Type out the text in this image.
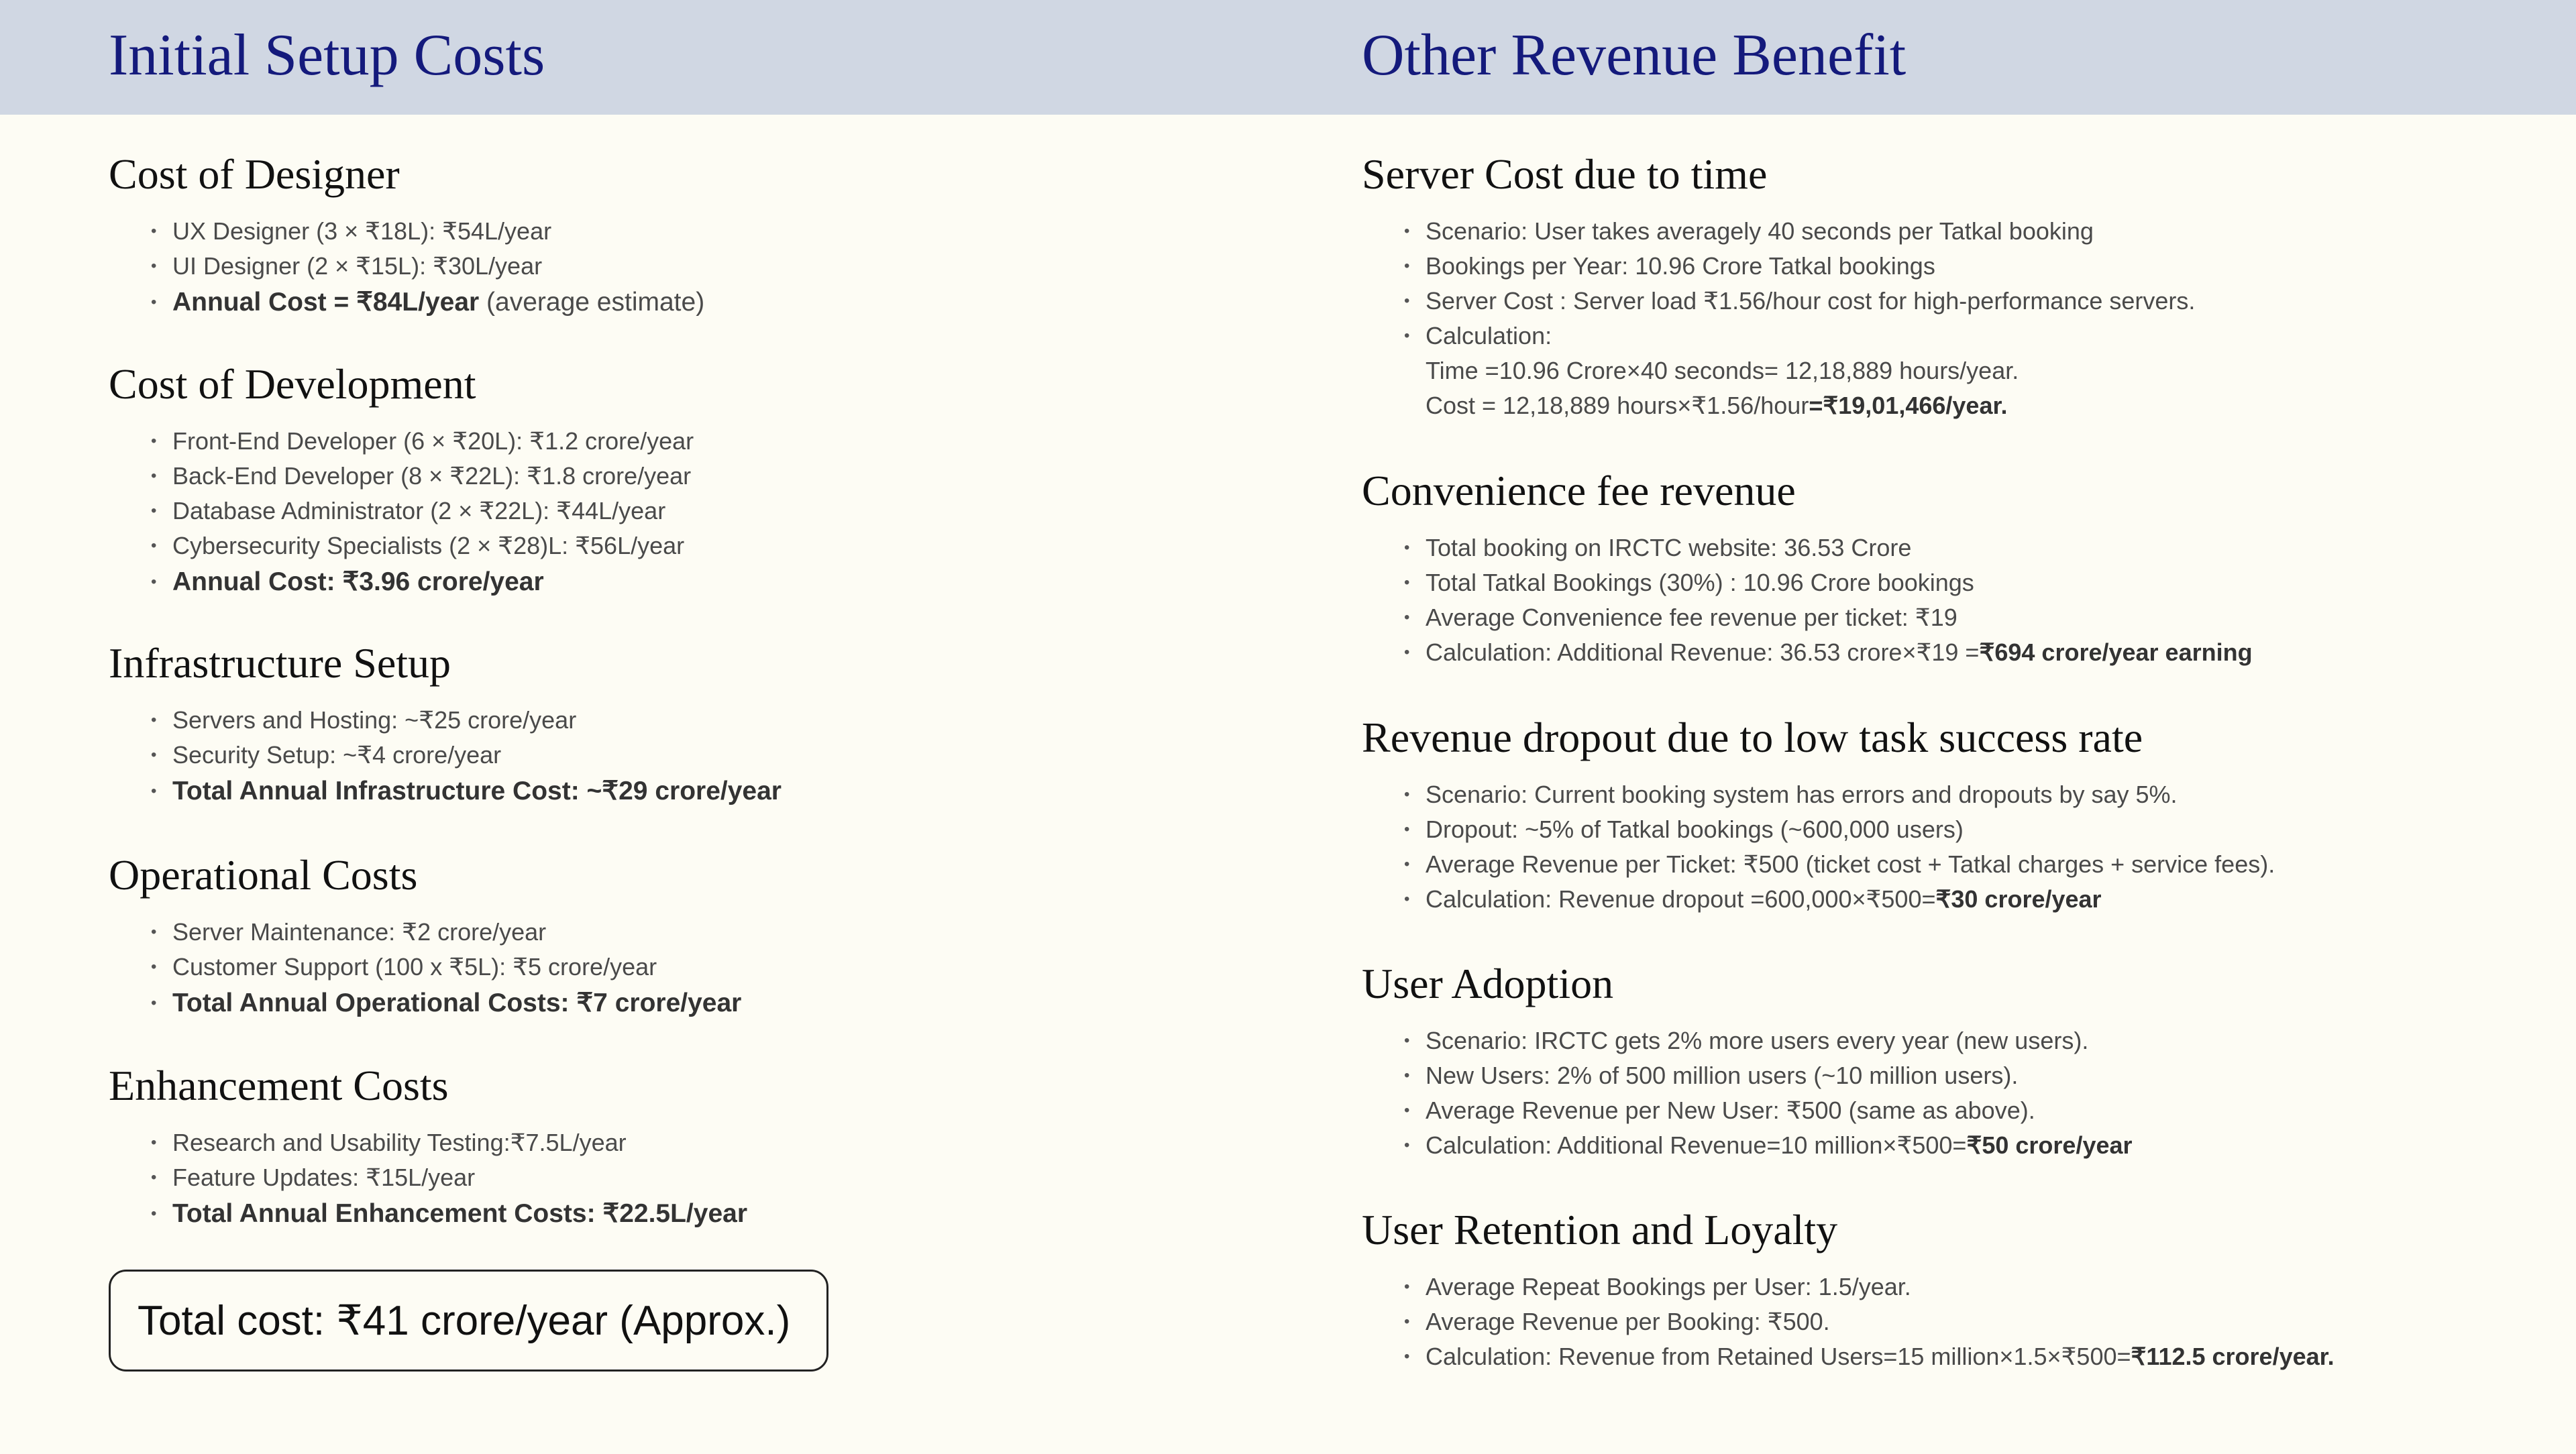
Initial Setup Costs	Other Revenue Benefit
Cost of Designer
• UX Designer (3 × ₹18L): ₹54L/year
• UI Designer (2 × ₹15L): ₹30L/year
• Annual Cost = ₹84L/year (average estimate)
Cost of Development
• Front-End Developer (6 × ₹20L): ₹1.2 crore/year
• Back-End Developer (8 × ₹22L): ₹1.8 crore/year
• Database Administrator (2 × ₹22L): ₹44L/year
• Cybersecurity Specialists (2 × ₹28)L: ₹56L/year
• Annual Cost: ₹3.96 crore/year
Infrastructure Setup
• Servers and Hosting: ~₹25 crore/year
• Security Setup: ~₹4 crore/year
• Total Annual Infrastructure Cost: ~₹29 crore/year
Operational Costs
• Server Maintenance: ₹2 crore/year
• Customer Support (100 x ₹5L): ₹5 crore/year
• Total Annual Operational Costs: ₹7 crore/year
Enhancement Costs
• Research and Usability Testing:₹7.5L/year
• Feature Updates: ₹15L/year
• Total Annual Enhancement Costs: ₹22.5L/year
Server Cost due to time
• Scenario: User takes averagely 40 seconds per Tatkal booking
• Bookings per Year: 10.96 Crore Tatkal bookings
• Server Cost : Server load ₹1.56/hour cost for high-performance servers.
• Calculation:
Time =10.96 Crore×40 seconds= 12,18,889 hours/year.
Cost = 12,18,889 hours×₹1.56/hour=₹19,01,466/year.
Convenience fee revenue
• Total booking on IRCTC website: 36.53 Crore
• Total Tatkal Bookings (30%) : 10.96 Crore bookings
• Average Convenience fee revenue per ticket: ₹19
• Calculation: Additional Revenue: 36.53 crore×₹19 =₹694 crore/year earning
Revenue dropout due to low task success rate
• Scenario: Current booking system has errors and dropouts by say 5%.
• Dropout: ~5% of Tatkal bookings (~600,000 users)
• Average Revenue per Ticket: ₹500 (ticket cost + Tatkal charges + service fees).
• Calculation: Revenue dropout =600,000×₹500=₹30 crore/year
User Adoption
• Scenario: IRCTC gets 2% more users every year (new users).
• New Users: 2% of 500 million users (~10 million users).
• Average Revenue per New User: ₹500 (same as above).
• Calculation: Additional Revenue=10 million×₹500=₹50 crore/year
User Retention and Loyalty
• Average Repeat Bookings per User: 1.5/year.
• Average Revenue per Booking: ₹500.
• Calculation: Revenue from Retained Users=15 million×1.5×₹500=₹112.5 crore/year.
Total cost: ₹41 crore/year (Approx.)
